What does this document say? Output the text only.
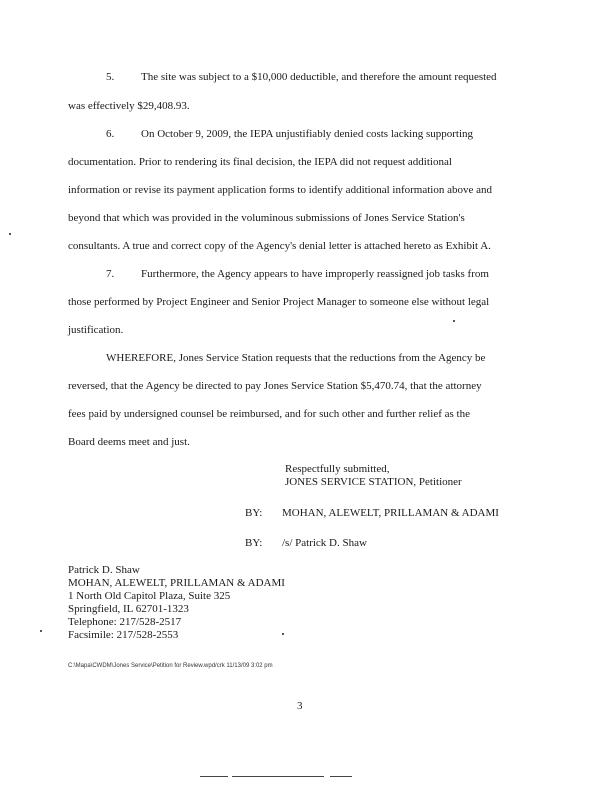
5. The site was subject to a $10,000 deductible, and therefore the amount requested
was effectively $29,408.93.
6. On October 9, 2009, the IEPA unjustifiably denied costs lacking supporting
documentation. Prior to rendering its final decision, the IEPA did not request additional
information or revise its payment application forms to identify additional information above and
beyond that which was provided in the voluminous submissions of Jones Service Station's
consultants. A true and correct copy of the Agency's denial letter is attached hereto as Exhibit A.
7. Furthermore, the Agency appears to have improperly reassigned job tasks from
those performed by Project Engineer and Senior Project Manager to someone else without legal
justification.
WHEREFORE, Jones Service Station requests that the reductions from the Agency be
reversed, that the Agency be directed to pay Jones Service Station $5,470.74, that the attorney
fees paid by undersigned counsel be reimbursed, and for such other and further relief as the
Board deems meet and just.
Respectfully submitted,
JONES SERVICE STATION, Petitioner
BY: MOHAN, ALEWELT, PRILLAMAN & ADAMI
BY: /s/ Patrick D. Shaw
Patrick D. Shaw
MOHAN, ALEWELT, PRILLAMAN & ADAMI
1 North Old Capitol Plaza, Suite 325
Springfield, IL 62701-1323
Telephone: 217/528-2517
Facsimile: 217/528-2553
C:\Mapa\CWDM\Jones Service\Petition for Review.wpd/crk 11/13/09 3:02 pm
3
